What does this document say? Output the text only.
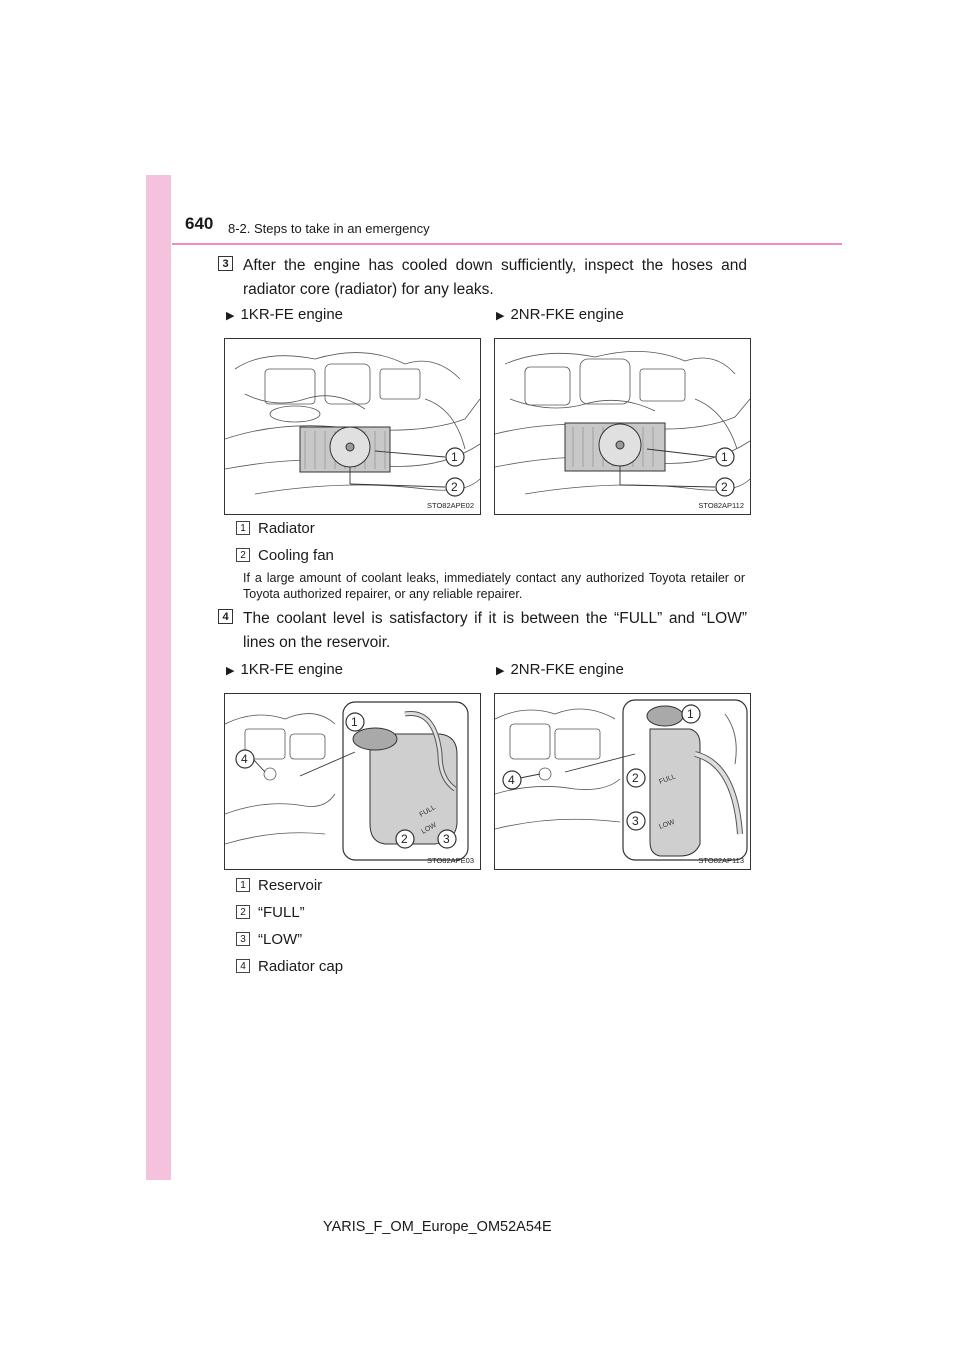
640 8-2. Steps to take in an emergency
3 After the engine has cooled down sufficiently, inspect the hoses and radiator core (radiator) for any leaks.
▶ 1KR-FE engine	▶ 2NR-FKE engine
1
2
STO82APE02
1
2
STO82AP112
1 Radiator
2 Cooling fan
If a large amount of coolant leaks, immediately contact any authorized Toyota retailer or Toyota authorized repairer, or any reliable repairer.
4 The coolant level is satisfactory if it is between the “FULL” and “LOW” lines on the reservoir.
▶ 1KR-FE engine	▶ 2NR-FKE engine
FULL
LOW
1
2	3
4
STO82APE03
FULL
LOW
1
2
3
4
STO82AP113
1 Reservoir
2 “FULL”
3 “LOW”
4 Radiator cap
YARIS_F_OM_Europe_OM52A54E
